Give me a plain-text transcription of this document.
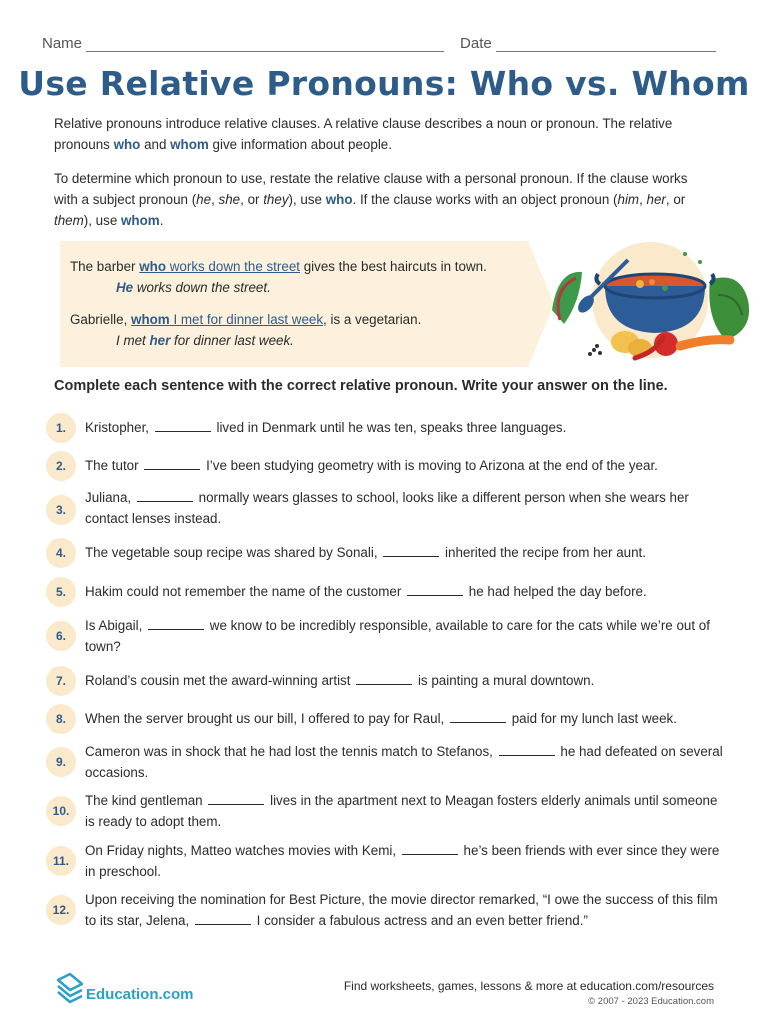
Name	Date
Use Relative Pronouns: Who vs. Whom
Relative pronouns introduce relative clauses. A relative clause describes a noun or pronoun. The relative pronouns who and whom give information about people.
To determine which pronoun to use, restate the relative clause with a personal pronoun. If the clause works with a subject pronoun (he, she, or they), use who. If the clause works with an object pronoun (him, her, or them), use whom.
The barber who works down the street gives the best haircuts in town.
He works down the street.
Gabrielle, whom I met for dinner last week, is a vegetarian.
I met her for dinner last week.
Complete each sentence with the correct relative pronoun. Write your answer on the line.
1.	Kristopher,	lived in Denmark until he was ten, speaks three languages.
2.	The tutor	I’ve been studying geometry with is moving to Arizona at the end of the year.
3.
Juliana,	normally wears glasses to school, looks like a different person when she wears her contact lenses instead.
4.	The vegetable soup recipe was shared by Sonali,	inherited the recipe from her aunt.
5.	Hakim could not remember the name of the customer	he had helped the day before.
6.
Is Abigail,	we know to be incredibly responsible, available to care for the cats while we’re out of town?
7.	Roland’s cousin met the award-winning artist	is painting a mural downtown.
8.	When the server brought us our bill, I offered to pay for Raul,	paid for my lunch last week.
9.
Cameron was in shock that he had lost the tennis match to Stefanos,	he had defeated on several occasions.
10.
The kind gentleman	lives in the apartment next to Meagan fosters elderly animals until someone is ready to adopt them.
11.
On Friday nights, Matteo watches movies with Kemi,	he’s been friends with ever since they were in preschool.
12.
Upon receiving the nomination for Best Picture, the movie director remarked, “I owe the success of this film to its star, Jelena,	I consider a fabulous actress and an even better friend.”
Education.com	Find worksheets, games, lessons & more at education.com/resources
© 2007 - 2023 Education.com
